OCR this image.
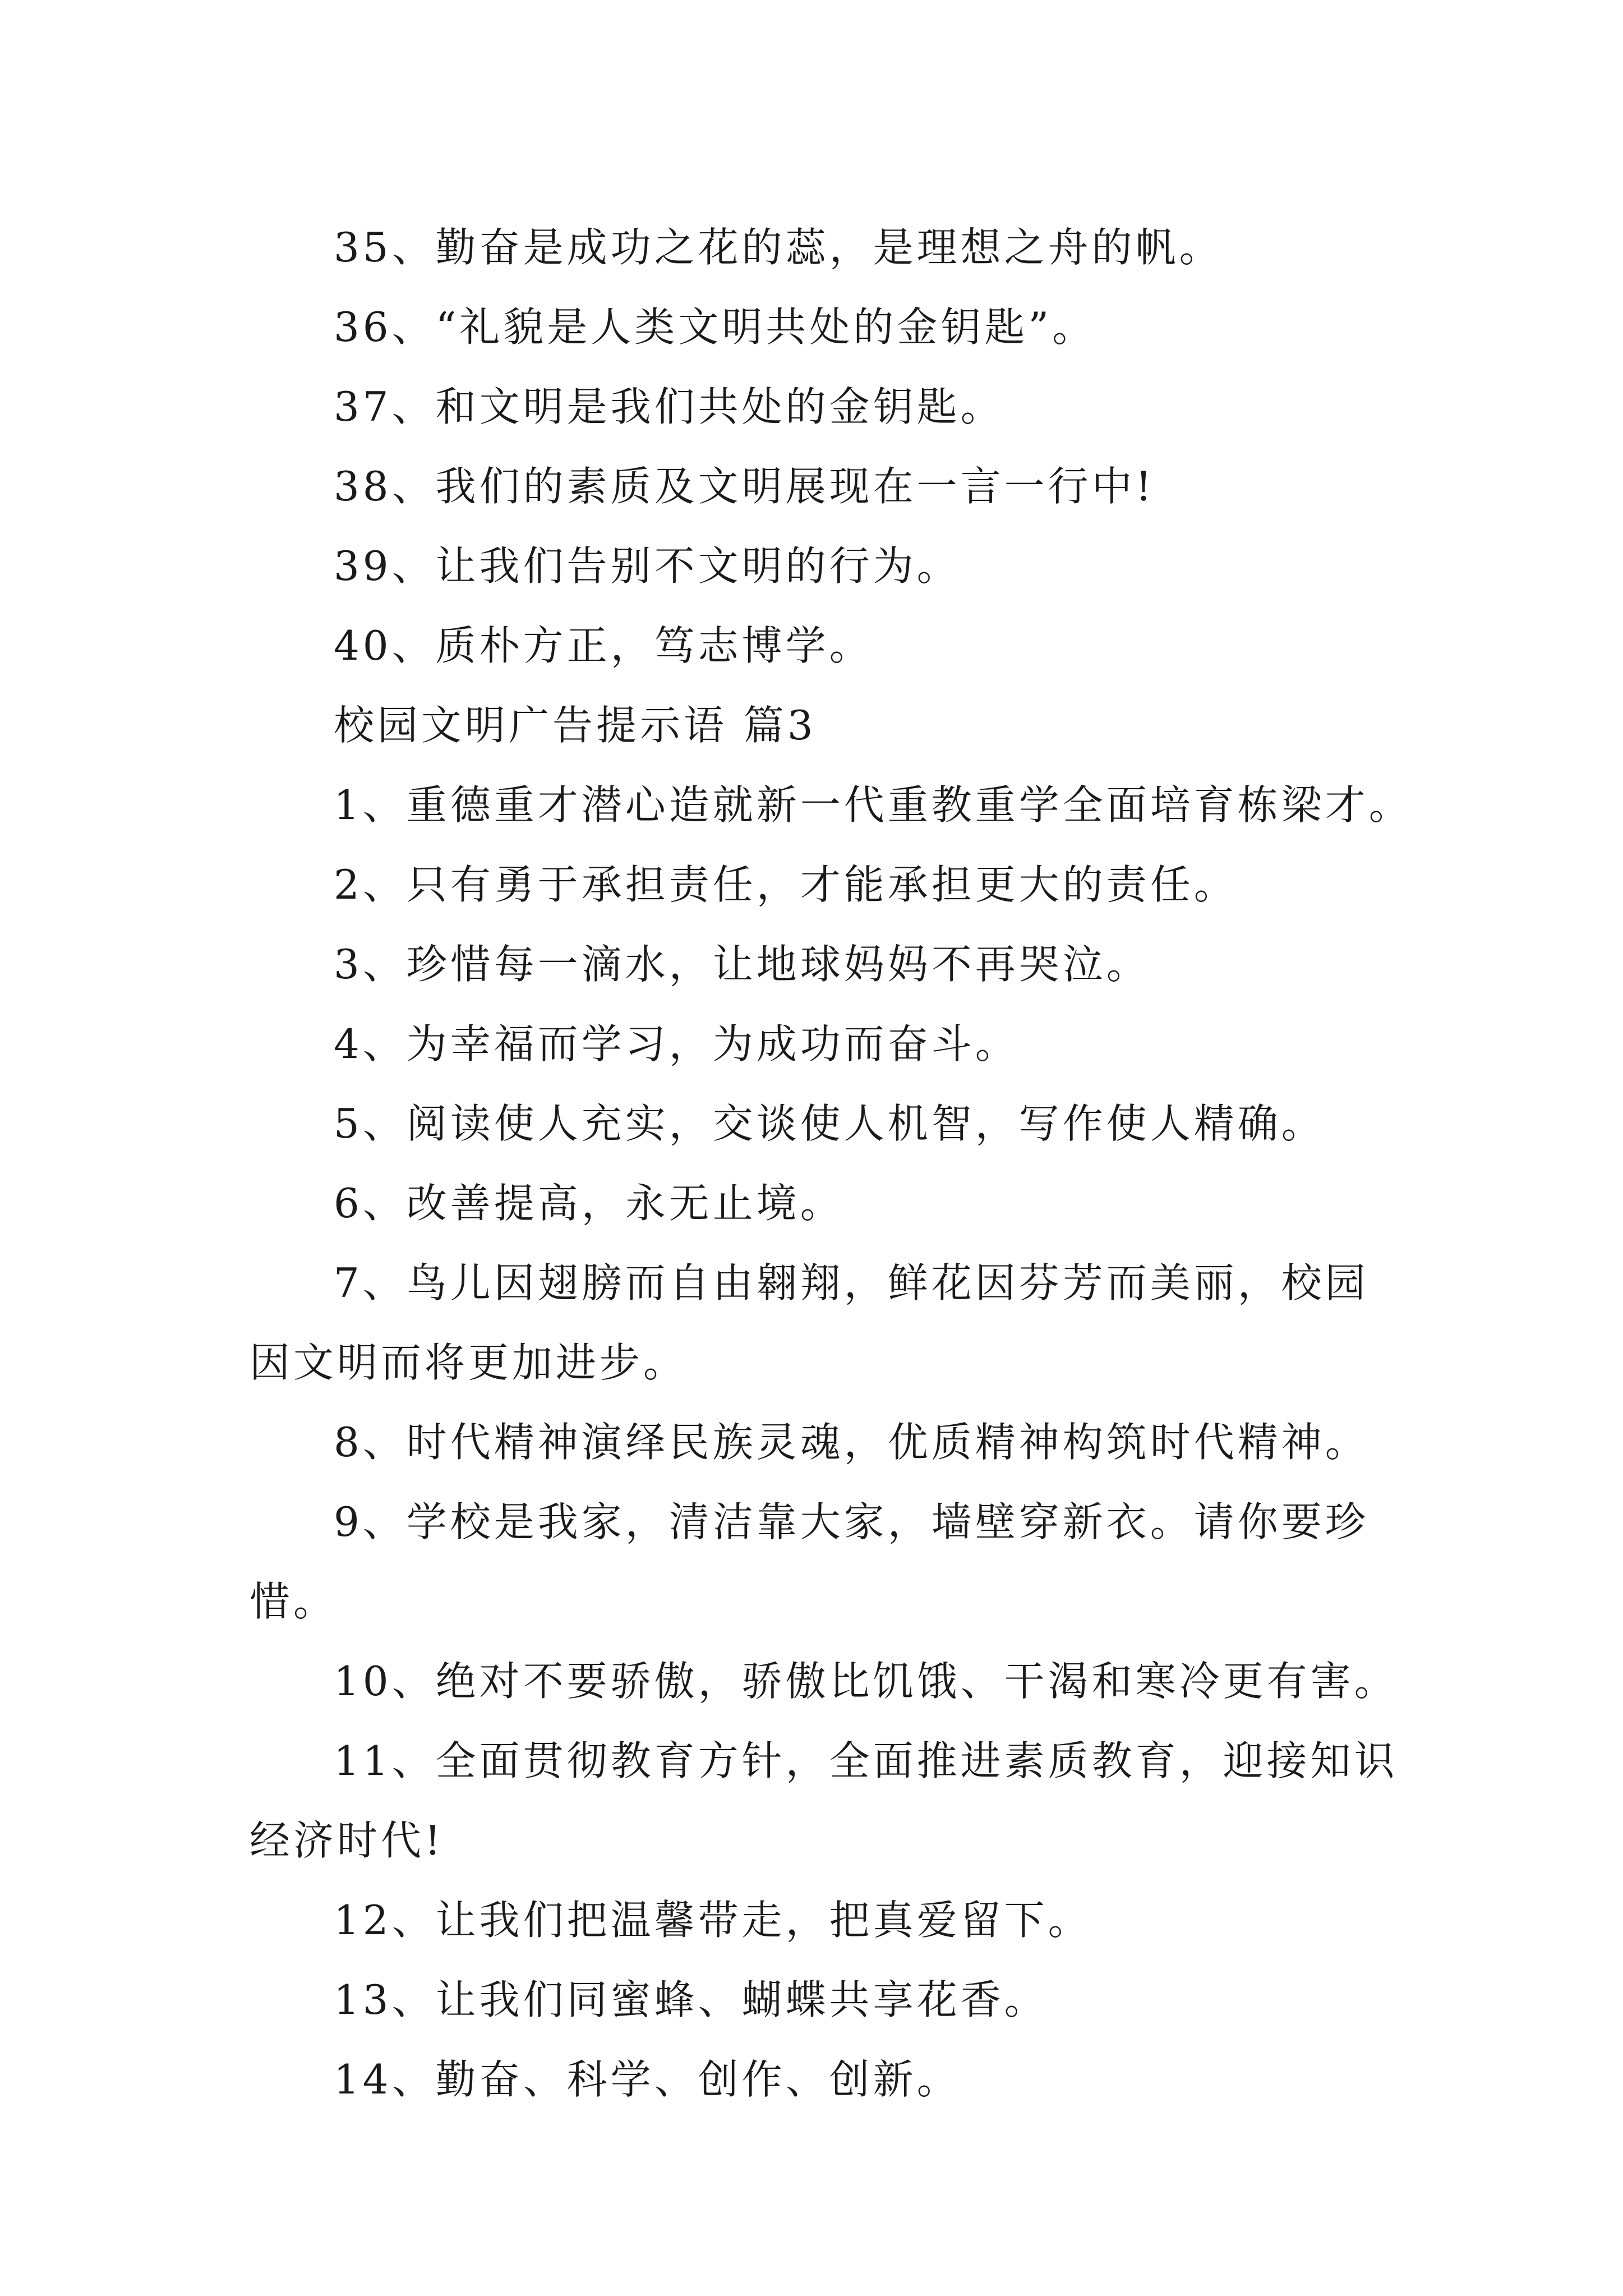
35、勤奋是成功之花的蕊，是理想之舟的帆。
36、“礼貌是人类文明共处的金钥匙”。
37、和文明是我们共处的金钥匙。
38、我们的素质及文明展现在一言一行中!
39、让我们告别不文明的行为。
40、质朴方正，笃志博学。
校园文明广告提示语 篇3
1、重德重才潜心造就新一代重教重学全面培育栋梁才。
2、只有勇于承担责任，才能承担更大的责任。
3、珍惜每一滴水，让地球妈妈不再哭泣。
4、为幸福而学习，为成功而奋斗。
5、阅读使人充实，交谈使人机智，写作使人精确。
6、改善提高，永无止境。
7、鸟儿因翅膀而自由翱翔，鲜花因芬芳而美丽，校园
因文明而将更加进步。
8、时代精神演绎民族灵魂，优质精神构筑时代精神。
9、学校是我家，清洁靠大家，墙壁穿新衣。请你要珍
惜。
10、绝对不要骄傲，骄傲比饥饿、干渴和寒冷更有害。
11、全面贯彻教育方针，全面推进素质教育，迎接知识
经济时代!
12、让我们把温馨带走，把真爱留下。
13、让我们同蜜蜂、蝴蝶共享花香。
14、勤奋、科学、创作、创新。
